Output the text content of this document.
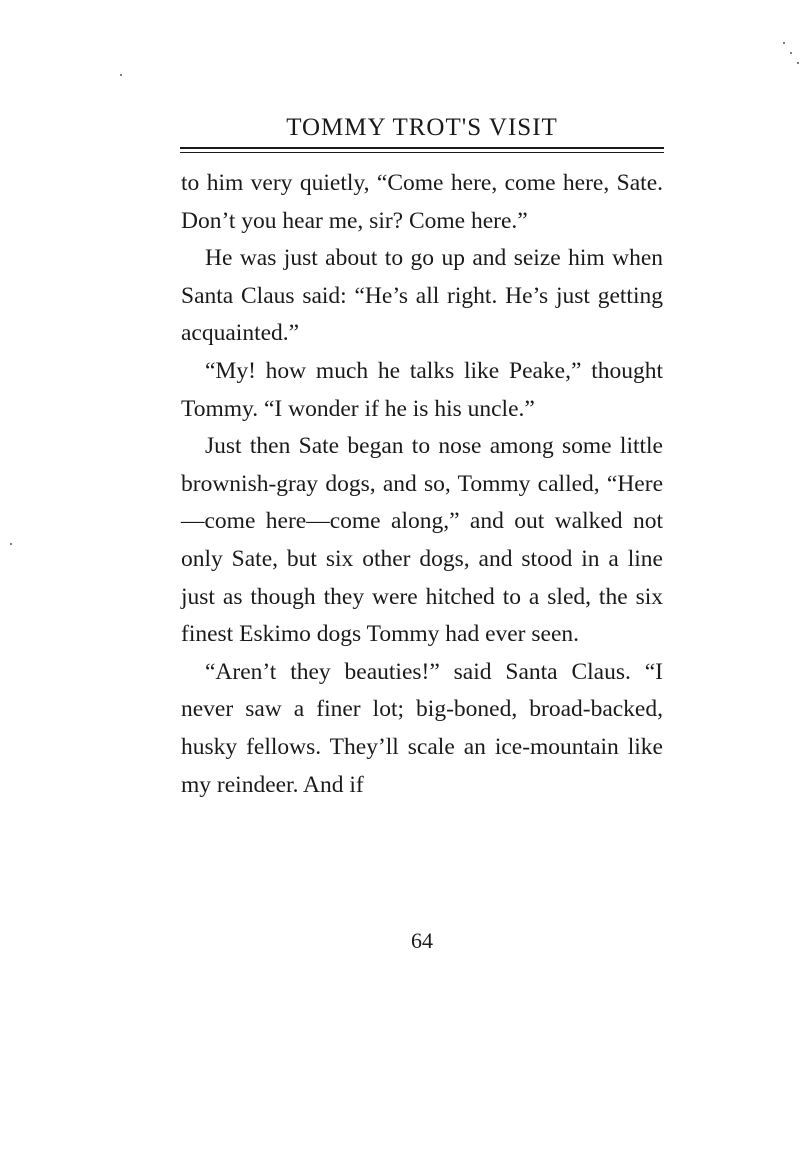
TOMMY TROT'S VISIT

to him very quietly, “Come here, come here, Sate. Don’t you hear me, sir? Come here.”

He was just about to go up and seize him when Santa Claus said: “He’s all right. He’s just getting acquainted.”

“My! how much he talks like Peake,” thought Tommy. “I wonder if he is his uncle.”

Just then Sate began to nose among some little brownish-gray dogs, and so, Tommy called, “Here—come here—come along,” and out walked not only Sate, but six other dogs, and stood in a line just as though they were hitched to a sled, the six finest Eskimo dogs Tommy had ever seen.

“Aren’t they beauties!” said Santa Claus. “I never saw a finer lot; big-boned, broad-backed, husky fellows. They’ll scale an ice-mountain like my reindeer. And if

64
